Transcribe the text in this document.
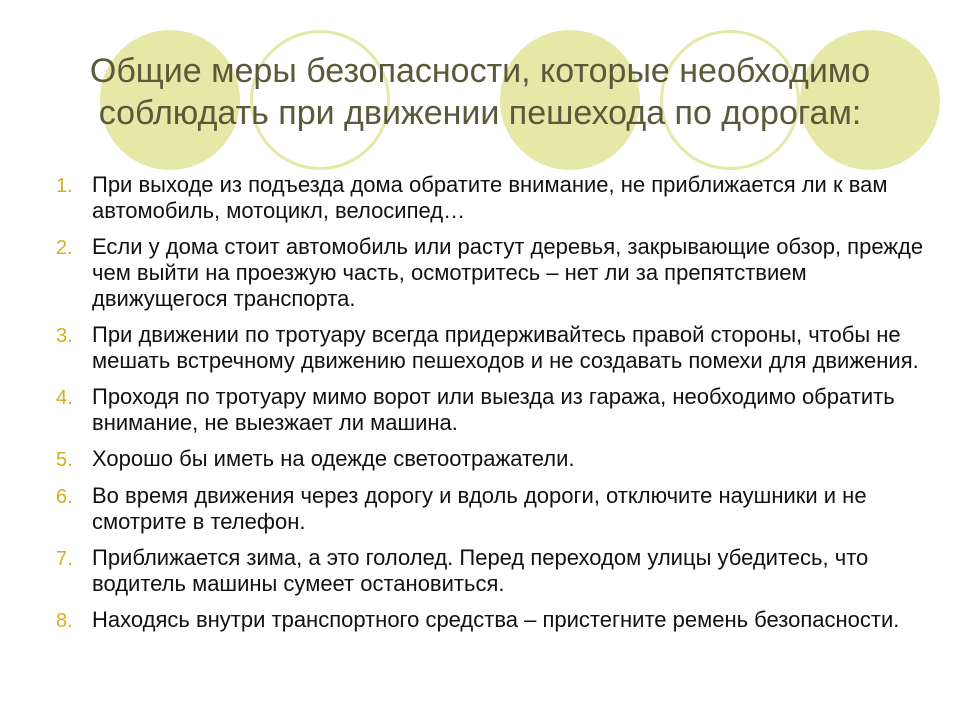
Общие меры безопасности, которые необходимо
соблюдать при движении пешехода по дорогам:
1. При выходе из подъезда дома обратите внимание, не приближается ли к вам автомобиль, мотоцикл, велосипед…
2. Если у дома стоит автомобиль или растут деревья, закрывающие обзор, прежде чем выйти на проезжую часть, осмотритесь – нет ли за препятствием движущегося транспорта.
3. При движении по тротуару всегда придерживайтесь правой стороны, чтобы не мешать встречному движению пешеходов и не создавать помехи для движения.
4. Проходя по тротуару мимо ворот или выезда из гаража, необходимо обратить внимание, не выезжает ли машина.
5. Хорошо бы иметь на одежде светоотражатели.
6. Во время движения через дорогу и вдоль дороги, отключите наушники и не смотрите в телефон.
7. Приближается зима, а это гололед. Перед переходом улицы убедитесь, что водитель машины сумеет остановиться.
8. Находясь внутри транспортного средства – пристегните ремень безопасности.
